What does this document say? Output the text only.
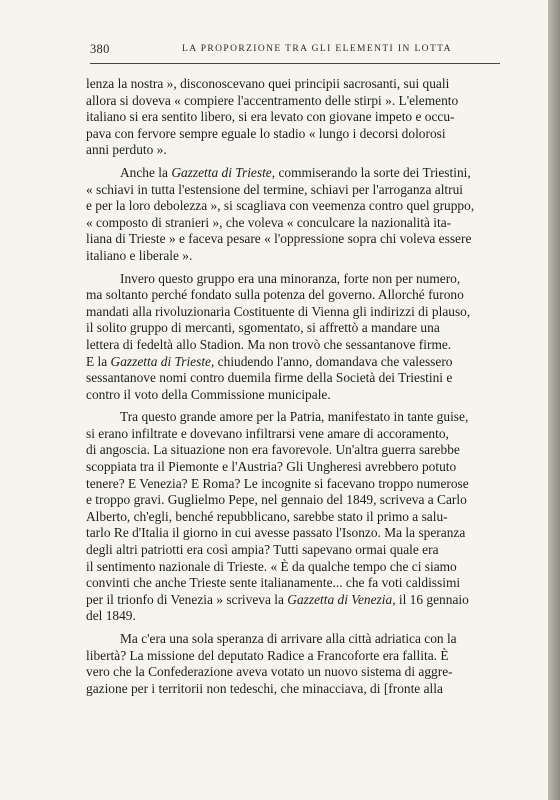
380	LA PROPORZIONE TRA GLI ELEMENTI IN LOTTA
lenza la nostra », disconoscevano quei principii sacrosanti, sui quali
allora si doveva « compiere l'accentramento delle stirpi ». L'elemento
italiano si era sentito libero, si era levato con giovane impeto e occu-
pava con fervore sempre eguale lo stadio « lungo i decorsi dolorosi
anni perduto ».
Anche la Gazzetta di Trieste, commiserando la sorte dei Triestini,
« schiavi in tutta l'estensione del termine, schiavi per l'arroganza altrui
e per la loro debolezza », si scagliava con veemenza contro quel gruppo,
« composto di stranieri », che voleva « conculcare la nazionalità ita-
liana di Trieste » e faceva pesare « l'oppressione sopra chi voleva essere
italiano e liberale ».
Invero questo gruppo era una minoranza, forte non per numero,
ma soltanto perché fondato sulla potenza del governo. Allorché furono
mandati alla rivoluzionaria Costituente di Vienna gli indirizzi di plauso,
il solito gruppo di mercanti, sgomentato, si affrettò a mandare una
lettera di fedeltà allo Stadion. Ma non trovò che sessantanove firme.
E la Gazzetta di Trieste, chiudendo l'anno, domandava che valessero
sessantanove nomi contro duemila firme della Società dei Triestini e
contro il voto della Commissione municipale.
Tra questo grande amore per la Patria, manifestato in tante guise,
si erano infiltrate e dovevano infiltrarsi vene amare di accoramento,
di angoscia. La situazione non era favorevole. Un'altra guerra sarebbe
scoppiata tra il Piemonte e l'Austria? Gli Ungheresi avrebbero potuto
tenere? E Venezia? E Roma? Le incognite si facevano troppo numerose
e troppo gravi. Guglielmo Pepe, nel gennaio del 1849, scriveva a Carlo
Alberto, ch'egli, benché repubblicano, sarebbe stato il primo a salu-
tarlo Re d'Italia il giorno in cui avesse passato l'Isonzo. Ma la speranza
degli altri patriotti era così ampia? Tutti sapevano ormai quale era
il sentimento nazionale di Trieste. « È da qualche tempo che ci siamo
convinti che anche Trieste sente italianamente... che fa voti caldissimi
per il trionfo di Venezia » scriveva la Gazzetta di Venezia, il 16 gennaio
del 1849.
Ma c'era una sola speranza di arrivare alla città adriatica con la
libertà? La missione del deputato Radice a Francoforte era fallita. È
vero che la Confederazione aveva votato un nuovo sistema di aggre-
gazione per i territorii non tedeschi, che minacciava, di [fronte alla
